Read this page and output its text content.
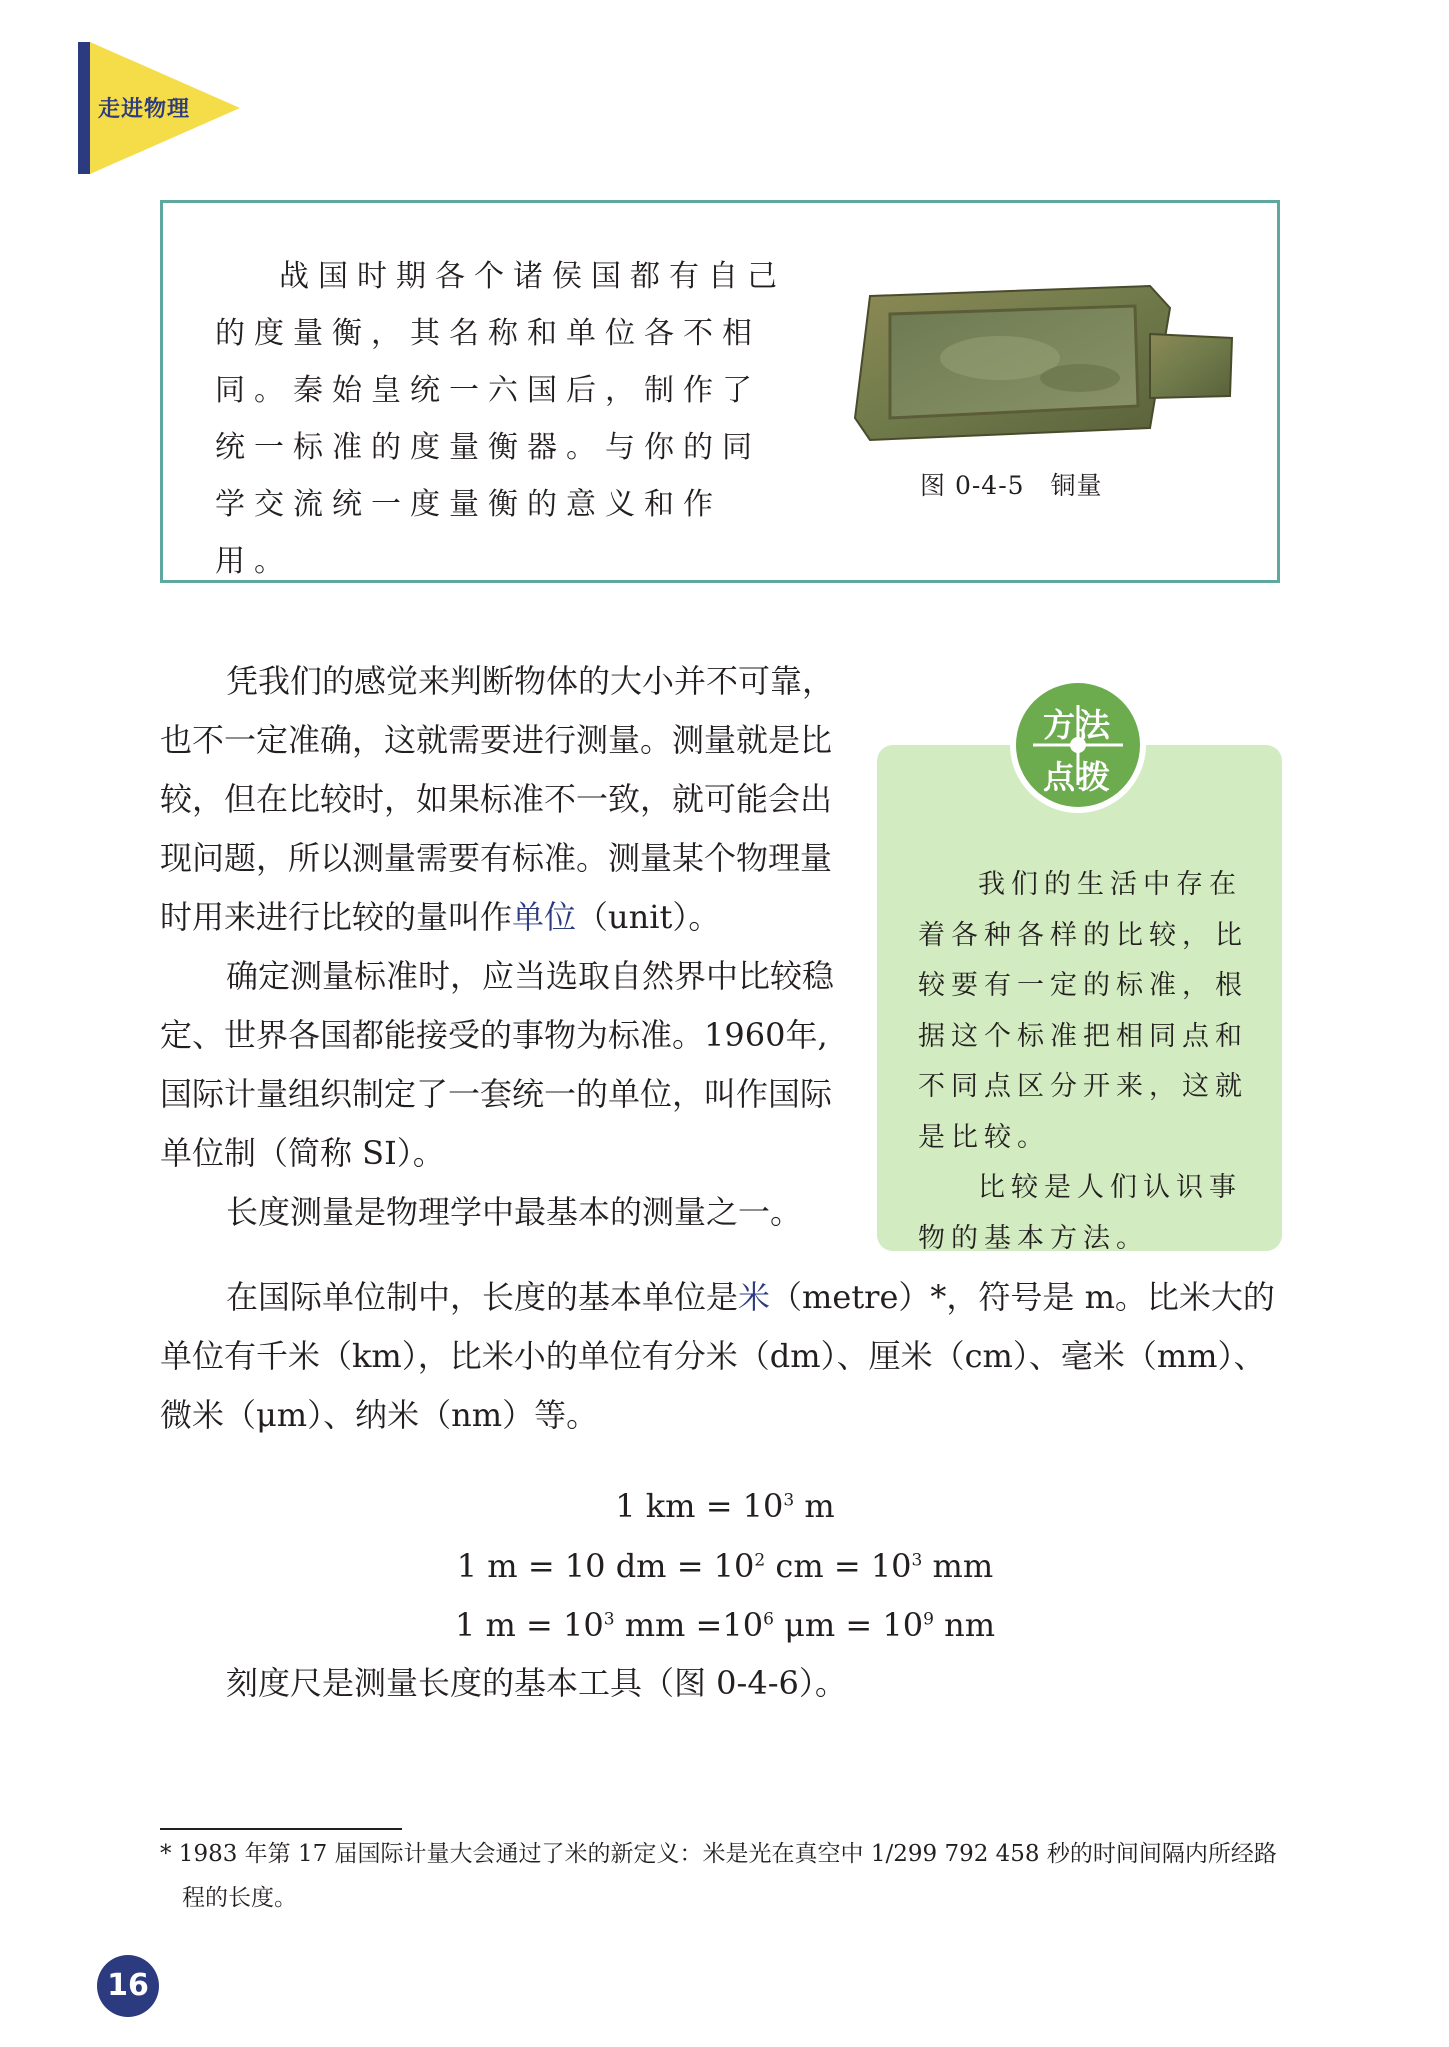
走进物理

战国时期各个诸侯国都有自己的度量衡，其名称和单位各不相同。秦始皇统一六国后，制作了统一标准的度量衡器。与你的同学交流统一度量衡的意义和作用。

图 0-4-5　铜量

凭我们的感觉来判断物体的大小并不可靠，也不一定准确，这就需要进行测量。测量就是比较，但在比较时，如果标准不一致，就可能会出现问题，所以测量需要有标准。测量某个物理量时用来进行比较的量叫作单位（unit）。

确定测量标准时，应当选取自然界中比较稳定、世界各国都能接受的事物为标准。1960年,国际计量组织制定了一套统一的单位，叫作国际单位制（简称 SI）。

长度测量是物理学中最基本的测量之一。

方法
点拨

我们的生活中存在着各种各样的比较，比较要有一定的标准，根据这个标准把相同点和不同点区分开来，这就是比较。

比较是人们认识事物的基本方法。

在国际单位制中，长度的基本单位是米（metre）*，符号是 m。比米大的单位有千米（km），比米小的单位有分米（dm）、厘米（cm）、毫米（mm）、微米（μm）、纳米（nm）等。

1 km = $10^3$ m
1 m = 10 dm = $10^2$ cm = $10^3$ mm
1 $m = 10^3$ mm $=10^6$ $\mu m = 10^9$ nm
刻度尺是测量长度的基本工具（图 0-4-6）。

* 1983 年第 17 届国际计量大会通过了米的新定义：米是光在真空中 1/299 792 458 秒的时间间隔内所经路程的长度。

16
